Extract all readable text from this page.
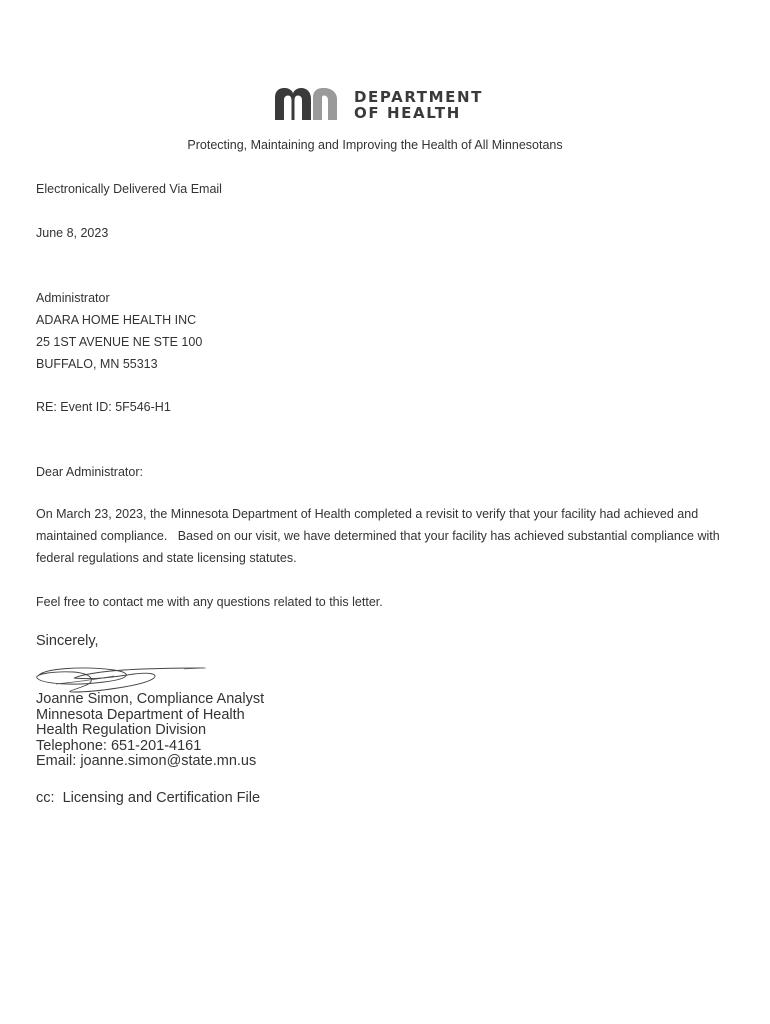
DEPARTMENT
OF HEALTH
Protecting, Maintaining and Improving the Health of All Minnesotans
Electronically Delivered Via Email
June 8, 2023
Administrator
ADARA HOME HEALTH INC
25 1ST AVENUE NE STE 100
BUFFALO, MN 55313
RE: Event ID: 5F546-H1
Dear Administrator:
On March 23, 2023, the Minnesota Department of Health completed a revisit to verify that your facility had achieved and maintained compliance.   Based on our visit, we have determined that your facility has achieved substantial compliance with federal regulations and state licensing statutes.
Feel free to contact me with any questions related to this letter.
Sincerely,
Joanne Simon, Compliance Analyst
Minnesota Department of Health
Health Regulation Division
Telephone: 651-201-4161
Email: joanne.simon@state.mn.us
cc:  Licensing and Certification File
